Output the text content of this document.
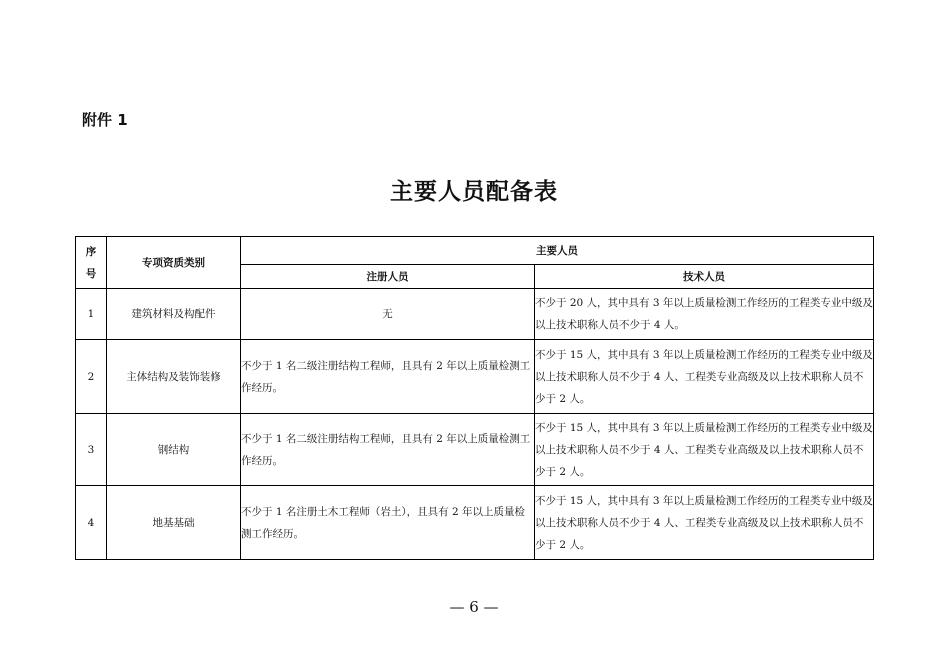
附件 1
主要人员配备表
序号	专项资质类别	主要人员	
		注册人员	技术人员
1	建筑材料及构配件	无	不少于 20 人，其中具有 3 年以上质量检测工作经历的工程类专业中级及以上技术职称人员不少于 4 人。
2	主体结构及装饰装修	不少于 1 名二级注册结构工程师，且具有 2 年以上质量检测工作经历。	不少于 15 人，其中具有 3 年以上质量检测工作经历的工程类专业中级及以上技术职称人员不少于 4 人、工程类专业高级及以上技术职称人员不少于 2 人。
3	钢结构	不少于 1 名二级注册结构工程师，且具有 2 年以上质量检测工作经历。	不少于 15 人，其中具有 3 年以上质量检测工作经历的工程类专业中级及以上技术职称人员不少于 4 人、工程类专业高级及以上技术职称人员不少于 2 人。
4	地基基础	不少于 1 名注册土木工程师（岩土），且具有 2 年以上质量检测工作经历。	不少于 15 人，其中具有 3 年以上质量检测工作经历的工程类专业中级及以上技术职称人员不少于 4 人、工程类专业高级及以上技术职称人员不少于 2 人。
— 6 —
